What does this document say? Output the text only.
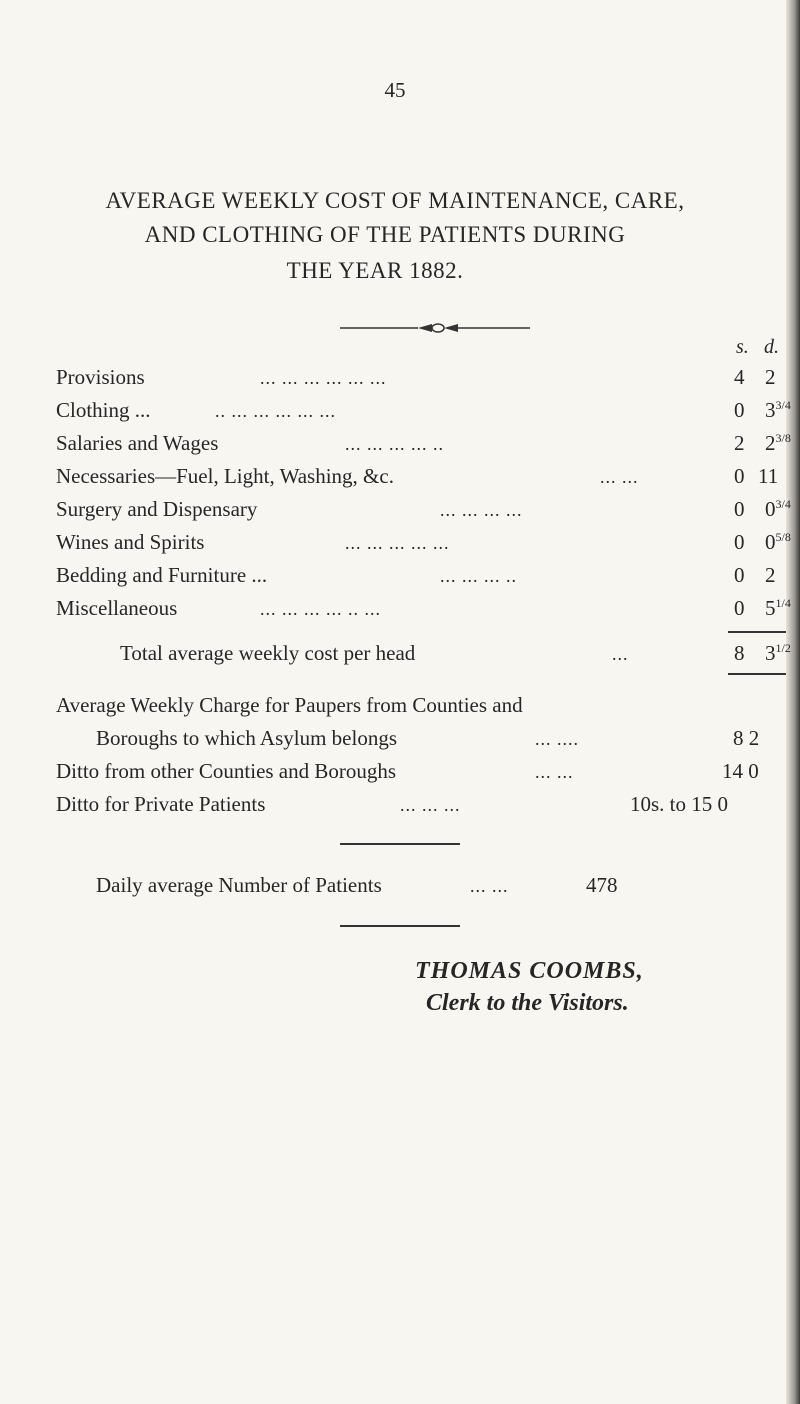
45
AVERAGE WEEKLY COST OF MAINTENANCE, CARE,
AND CLOTHING OF THE PATIENTS DURING
THE YEAR 1882.
s. d.
Provisions	... ... ... ... ... ...	4 2
Clothing ...	.. ... ... ... ... ...	0 $3^{3/4}$
Salaries and Wages	... ... ... ... ..	2 $2^{3/8}$
Necessaries—Fuel, Light, Washing, &c.	... ...	0 11
Surgery and Dispensary	... ... ... ...	0 $0^{3/4}$
Wines and Spirits	... ... ... ... ...	0 $0^{5/8}$
Bedding and Furniture ...	... ... ... ..	0 2
Miscellaneous	... ... ... ... .. ...	0 $5^{1/4}$
Total average weekly cost per head	...	8 $3^{1/2}$
Average Weekly Charge for Paupers from Counties and
Boroughs to which Asylum belongs	... ....	8 2
Ditto from other Counties and Boroughs	... ...	14 0
Ditto for Private Patients	... ... ...	10s. to 15 0
Daily average Number of Patients	... ...	478
THOMAS COOMBS,
Clerk to the Visitors.
